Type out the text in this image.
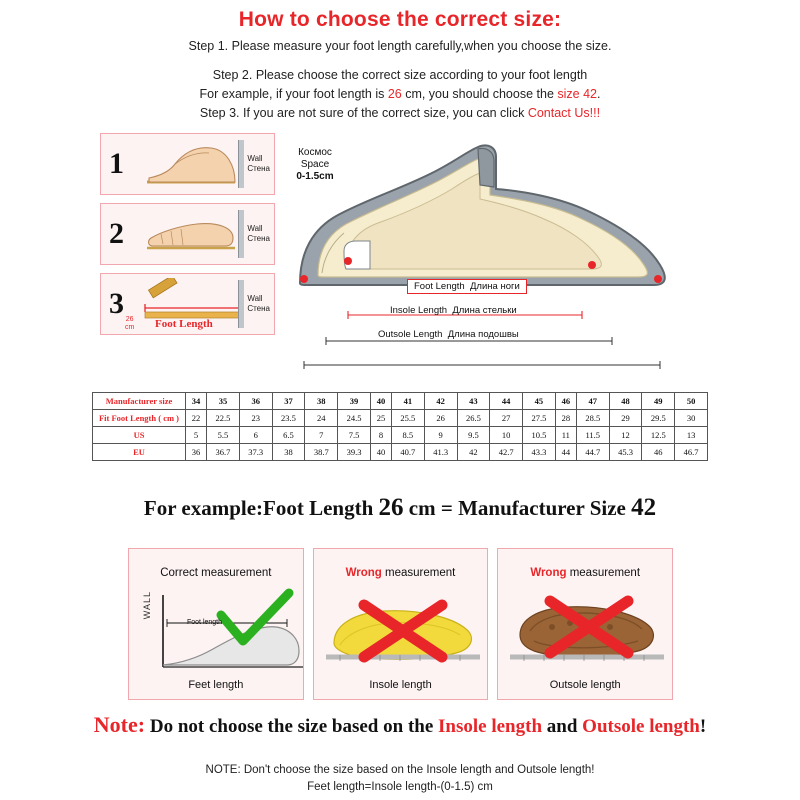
How to choose the correct size:
Step 1. Please measure your foot length carefully,when you choose the size.
Step 2. Please choose the correct size according to your foot length
For example, if your foot length is 26 cm, you should choose the size 42.
Step 3. If you are not sure of the correct size, you can click Contact Us!!!
1	Wall
Стена
2	Wall
Стена
3 26
cm Foot Length
Wall
Стена
Космос
Space
0-1.5cm
Foot Length Длина ноги
Insole Length Длина стельки
Outsole Length Длина подошвы
Manufacturer size	34	35	36	37	38	39	40	41	42	43	44	45	46	47	48	49	50
Fit Foot Length ( cm )	22	22.5	23	23.5	24	24.5	25	25.5	26	26.5	27	27.5	28	28.5	29	29.5	30
US	5	5.5	6	6.5	7	7.5	8	8.5	9	9.5	10	10.5	11	11.5	12	12.5	13
EU	36	36.7	37.3	38	38.7	39.3	40	40.7	41.3	42	42.7	43.3	44	44.7	45.3	46	46.7
For example:Foot Length 26 cm = Manufacturer Size 42
Correct measurement
WALL
Foot length
Feet length
Wrong measurement
Insole length
Wrong measurement
Outsole length
Note: Do not choose the size based on the Insole length and Outsole length!
NOTE: Don't choose the size based on the Insole length and Outsole length!
Feet length=Insole length-(0-1.5) cm
